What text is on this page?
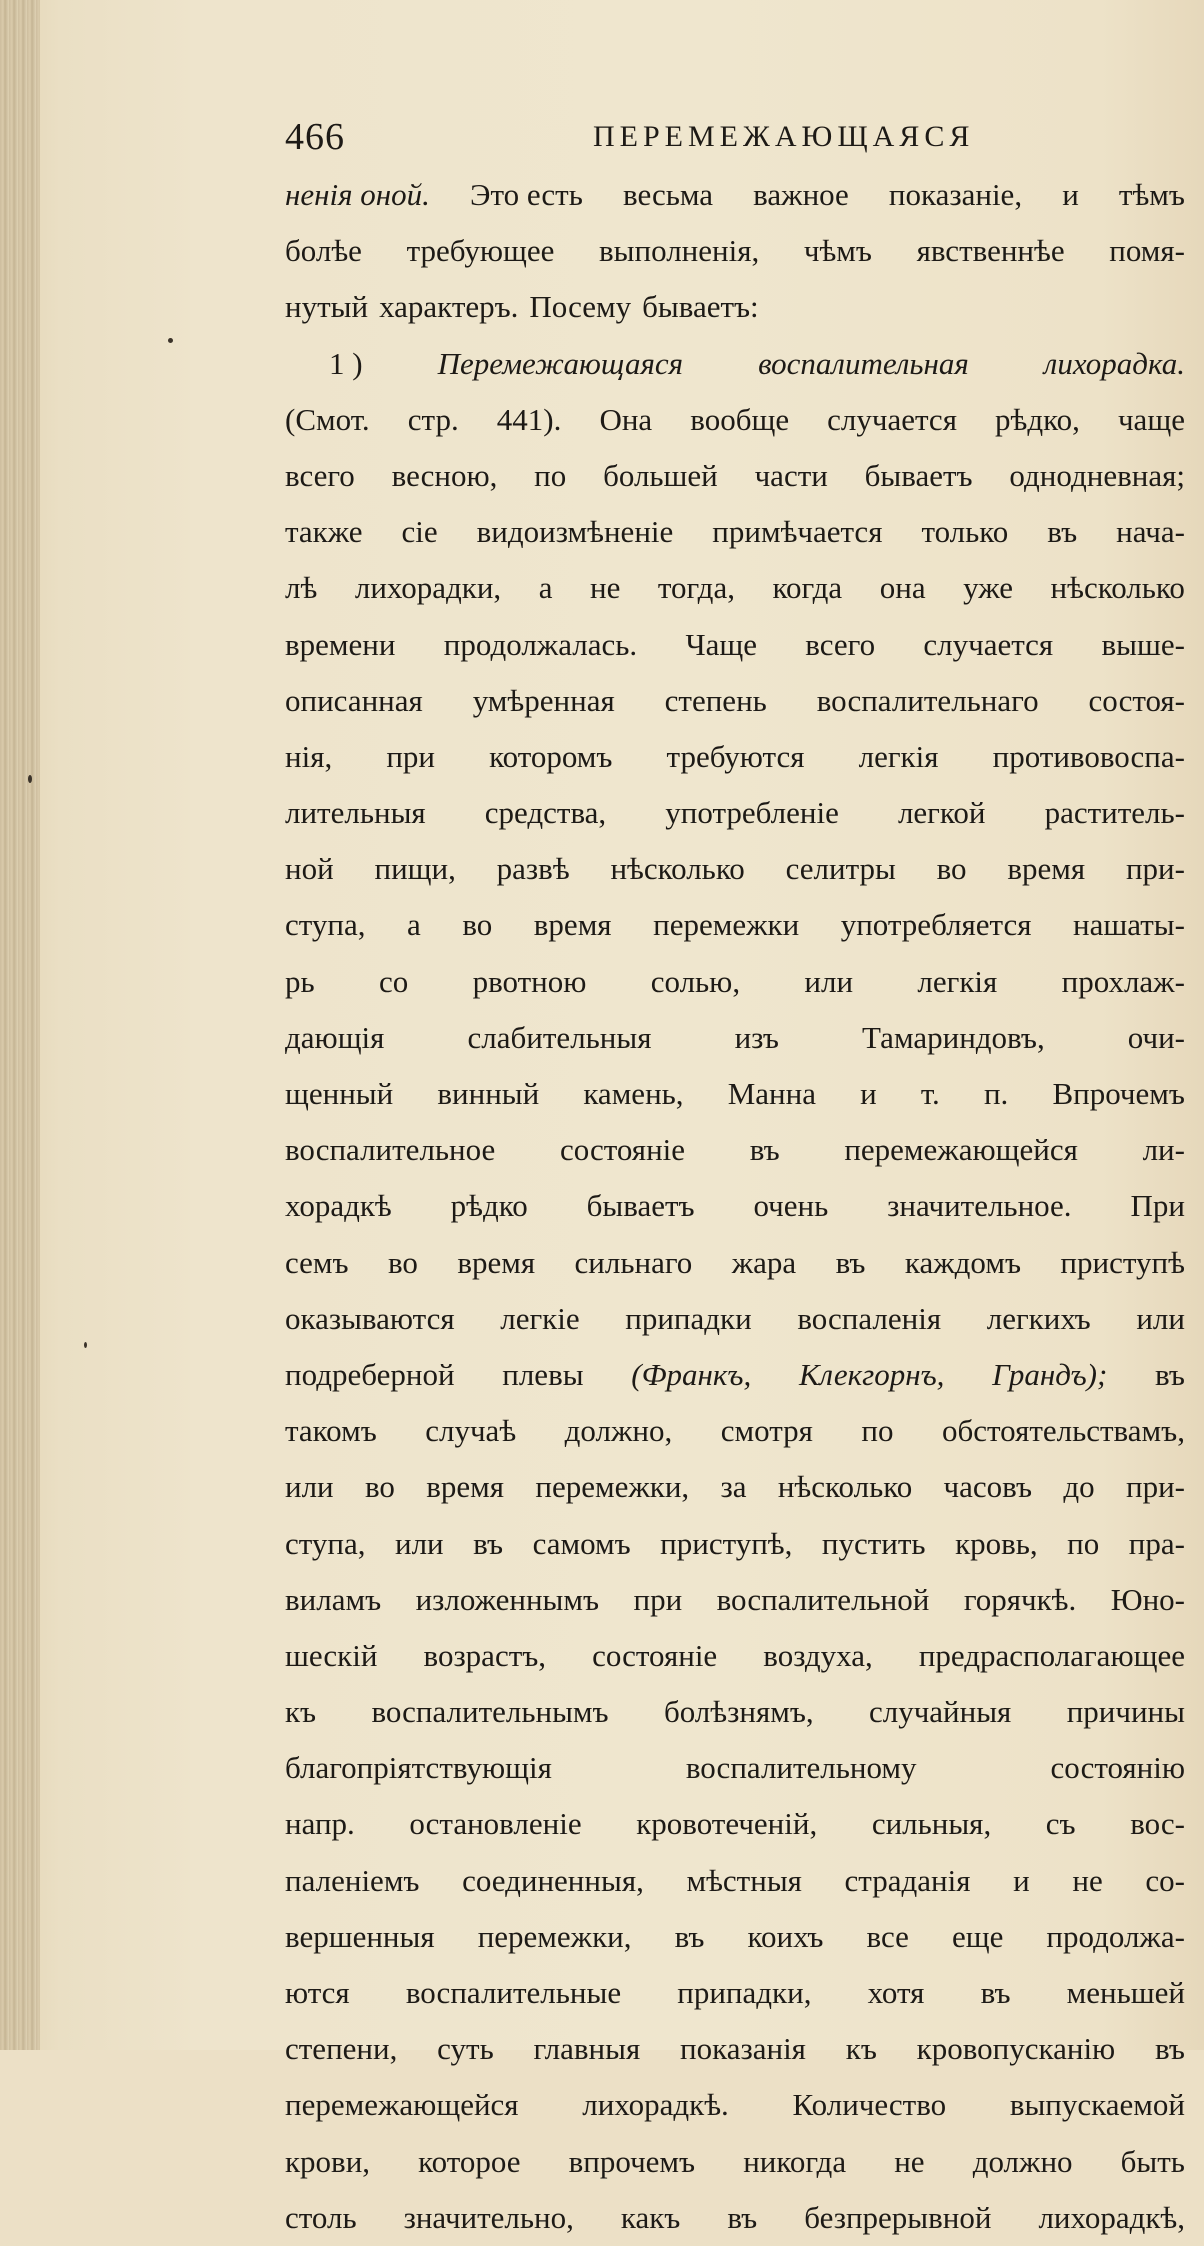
466	ПЕРЕМЕЖАЮЩАЯСЯ
ненія оной. Это есть весьма важное показаніе, и тѣмъ
болѣе требующее выполненія, чѣмъ явственнѣе помя-
нутый характеръ. Посему бываетъ:
1 ) Перемежающаяся воспалительная лихорадка.
(Смот. стр. 441). Она вообще случается рѣдко, чаще
всего весною, по большей части бываетъ одноднeвная;
также сіе видоизмѣненіе примѣчается только въ нача-
лѣ лихорадки, а не тогда, когда она уже нѣсколько
времени продолжалась. Чаще всего случается выше-
описанная умѣренная степень воспалительнаго состоя-
нія, при которомъ требуются легкія противовоспа-
лительныя средства, употребленіе легкой раститель-
ной пищи, развѣ нѣсколько селитры во время при-
ступа, а во время перемежки употребляется нашаты-
рь со рвотною солью, или легкія прохлаж-
дающія	слабительныя	изъ	Тамариндовъ,	очи-
щенный винный камень, Манна и т. п. Впрочемъ
воспалительное состояніе въ перемежающейся ли-
хорадкѣ рѣдко бываетъ очень значительное. При
семъ во время сильнаго жара въ каждомъ приступѣ
оказываются легкіе припадки воспаленія легкихъ или
подреберной плевы (Франкъ, Клекгорнъ, Грандъ); въ
такомъ случаѣ должно, смотря по обстоятельствамъ,
или во время перемежки, за нѣсколько часовъ до при-
ступа, или въ самомъ приступѣ, пустить кровь, по пра-
виламъ изложеннымъ при воспалительной горячкѣ. Юно-
шескій возрастъ, состояніе воздуха, предрасполагающее
къ воспалительнымъ болѣзнямъ, случайныя причины
благопріятствующія	воспалительному	состоянію
напр. остановленіе кровотеченій, сильныя, съ вос-
паленіемъ соединенныя, мѣстныя страданія и не со-
вершенныя перемежки, въ коихъ все еще продолжа-
ются воспалительные припадки, хотя въ меньшей
степени, суть главныя показанія къ кровопусканію въ
перемежающейся лихорадкѣ. Количество выпускаемой
крови, которое впрочемъ никогда не должно быть
столь значительно, какъ въ безпрерывной лихорадкѣ,
